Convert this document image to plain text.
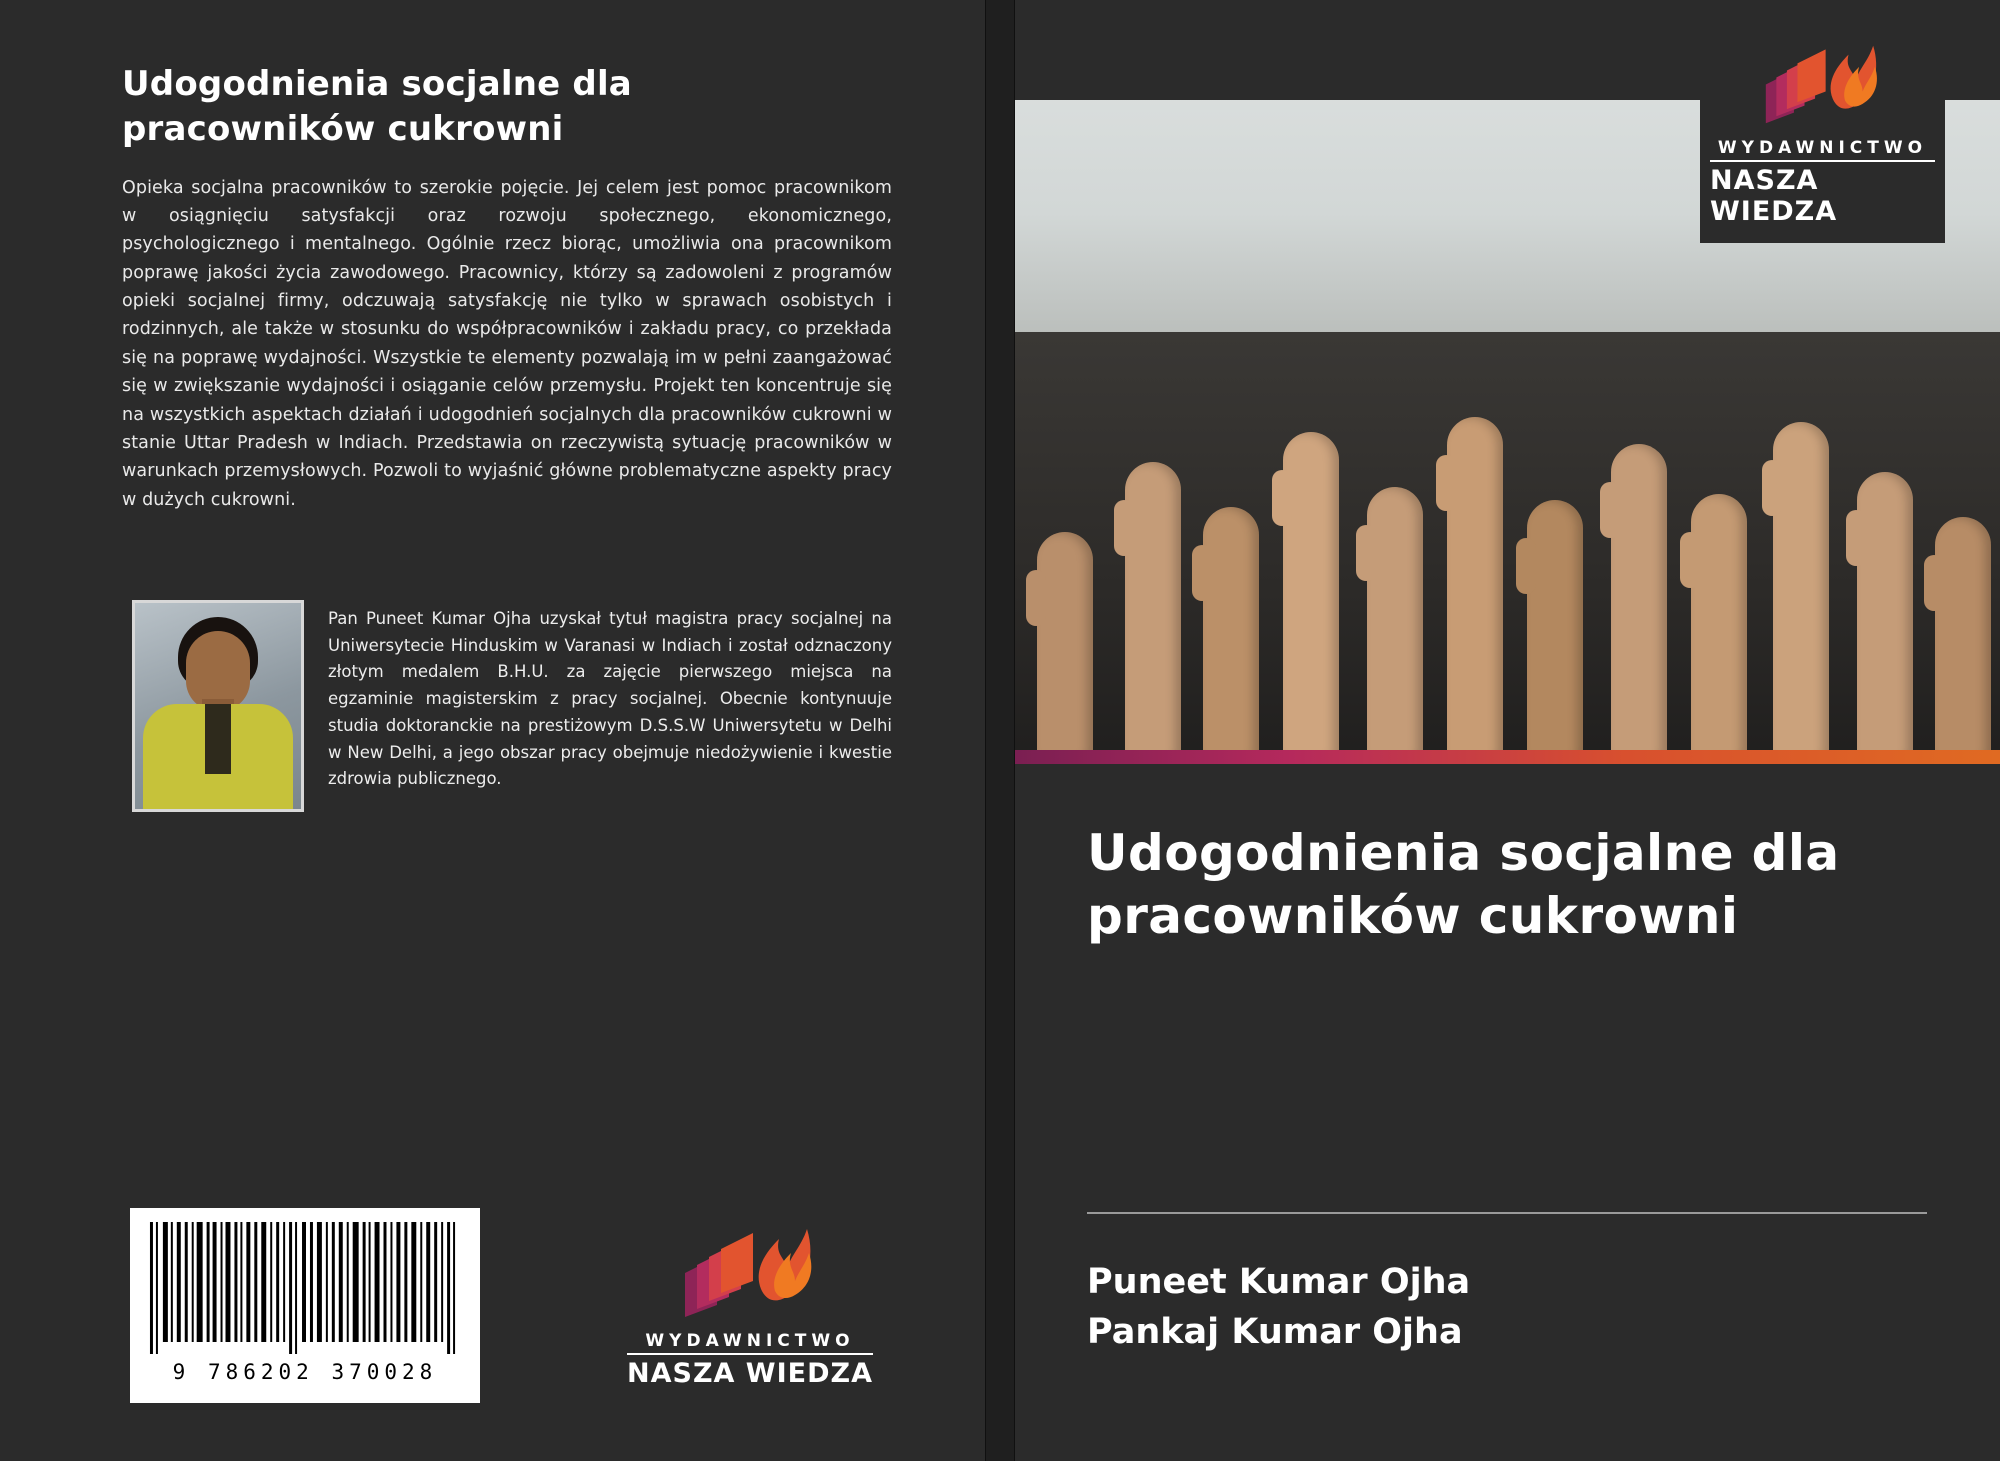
Udogodnienia socjalne dla pracowników cukrowni
Opieka socjalna pracowników to szerokie pojęcie. Jej celem jest pomoc pracownikom w osiągnięciu satysfakcji oraz rozwoju społecznego, ekonomicznego, psychologicznego i mentalnego. Ogólnie rzecz biorąc, umożliwia ona pracownikom poprawę jakości życia zawodowego. Pracownicy, którzy są zadowoleni z programów opieki socjalnej firmy, odczuwają satysfakcję nie tylko w sprawach osobistych i rodzinnych, ale także w stosunku do współpracowników i zakładu pracy, co przekłada się na poprawę wydajności. Wszystkie te elementy pozwalają im w pełni zaangażować się w zwiększanie wydajności i osiąganie celów przemysłu. Projekt ten koncentruje się na wszystkich aspektach działań i udogodnień socjalnych dla pracowników cukrowni w stanie Uttar Pradesh w Indiach. Przedstawia on rzeczywistą sytuację pracowników w warunkach przemysłowych. Pozwoli to wyjaśnić główne problematyczne aspekty pracy w dużych cukrowni.
Pan Puneet Kumar Ojha uzyskał tytuł magistra pracy socjalnej na Uniwersytecie Hinduskim w Varanasi w Indiach i został odznaczony złotym medalem B.H.U. za zajęcie pierwszego miejsca na egzaminie magisterskim z pracy socjalnej. Obecnie kontynuuje studia doktoranckie na prestiżowym D.S.S.W Uniwersytetu w Delhi w New Delhi, a jego obszar pracy obejmuje niedożywienie i kwestie zdrowia publicznego.
9 786202 370028
WYDAWNICTWO
NASZA WIEDZA
WYDAWNICTWO
NASZA WIEDZA
Udogodnienia socjalne dla pracowników cukrowni
Puneet Kumar Ojha
Pankaj Kumar Ojha
